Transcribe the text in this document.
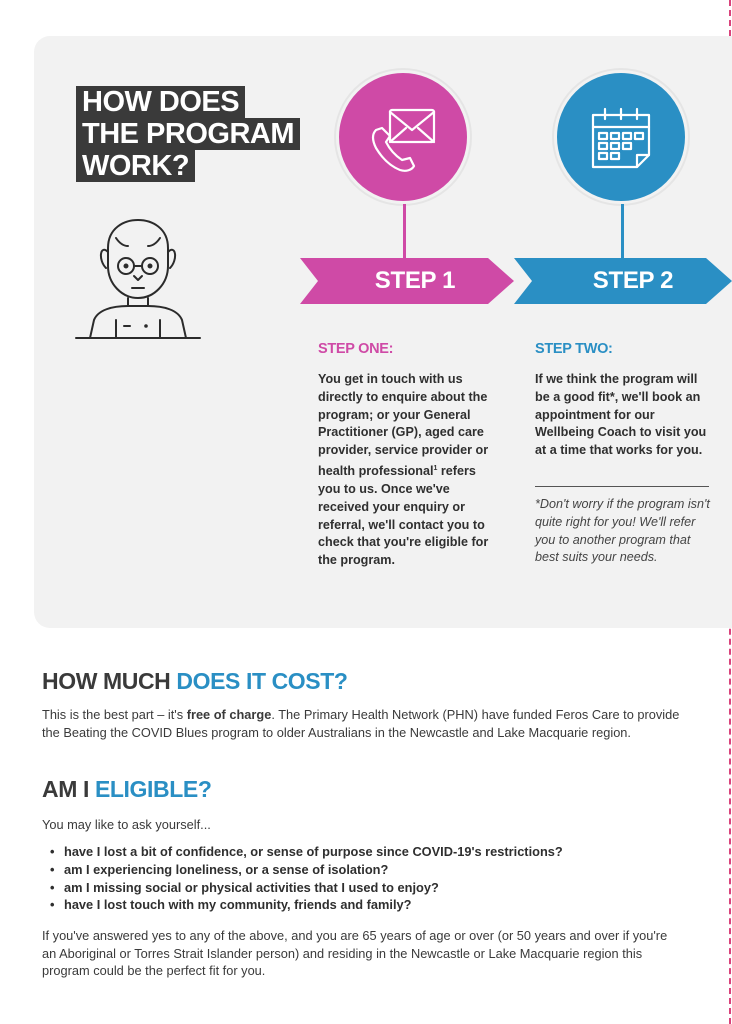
HOW DOES
THE PROGRAM
WORK?
STEP 1	STEP 2
STEP ONE:
You get in touch with us directly to enquire about the program; or your General Practitioner (GP), aged care provider, service provider or health professional$^1$ refers you to us. Once we've received your enquiry or referral, we'll contact you to check that you're eligible for the program.
STEP TWO:
If we think the program will be a good fit*, we'll book an appointment for our Wellbeing Coach to visit you at a time that works for you.
*Don't worry if the program isn't quite right for you! We'll refer you to another program that best suits your needs.
HOW MUCH DOES IT COST?
This is the best part – it's free of charge. The Primary Health Network (PHN) have funded Feros Care to provide the Beating the COVID Blues program to older Australians in the Newcastle and Lake Macquarie region.
AM I ELIGIBLE?
You may like to ask yourself...
• have I lost a bit of confidence, or sense of purpose since COVID-19's restrictions?
• am I experiencing loneliness, or a sense of isolation?
• am I missing social or physical activities that I used to enjoy?
• have I lost touch with my community, friends and family?
If you've answered yes to any of the above, and you are 65 years of age or over (or 50 years and over if you're an Aboriginal or Torres Strait Islander person) and residing in the Newcastle or Lake Macquarie region this program could be the perfect fit for you.
